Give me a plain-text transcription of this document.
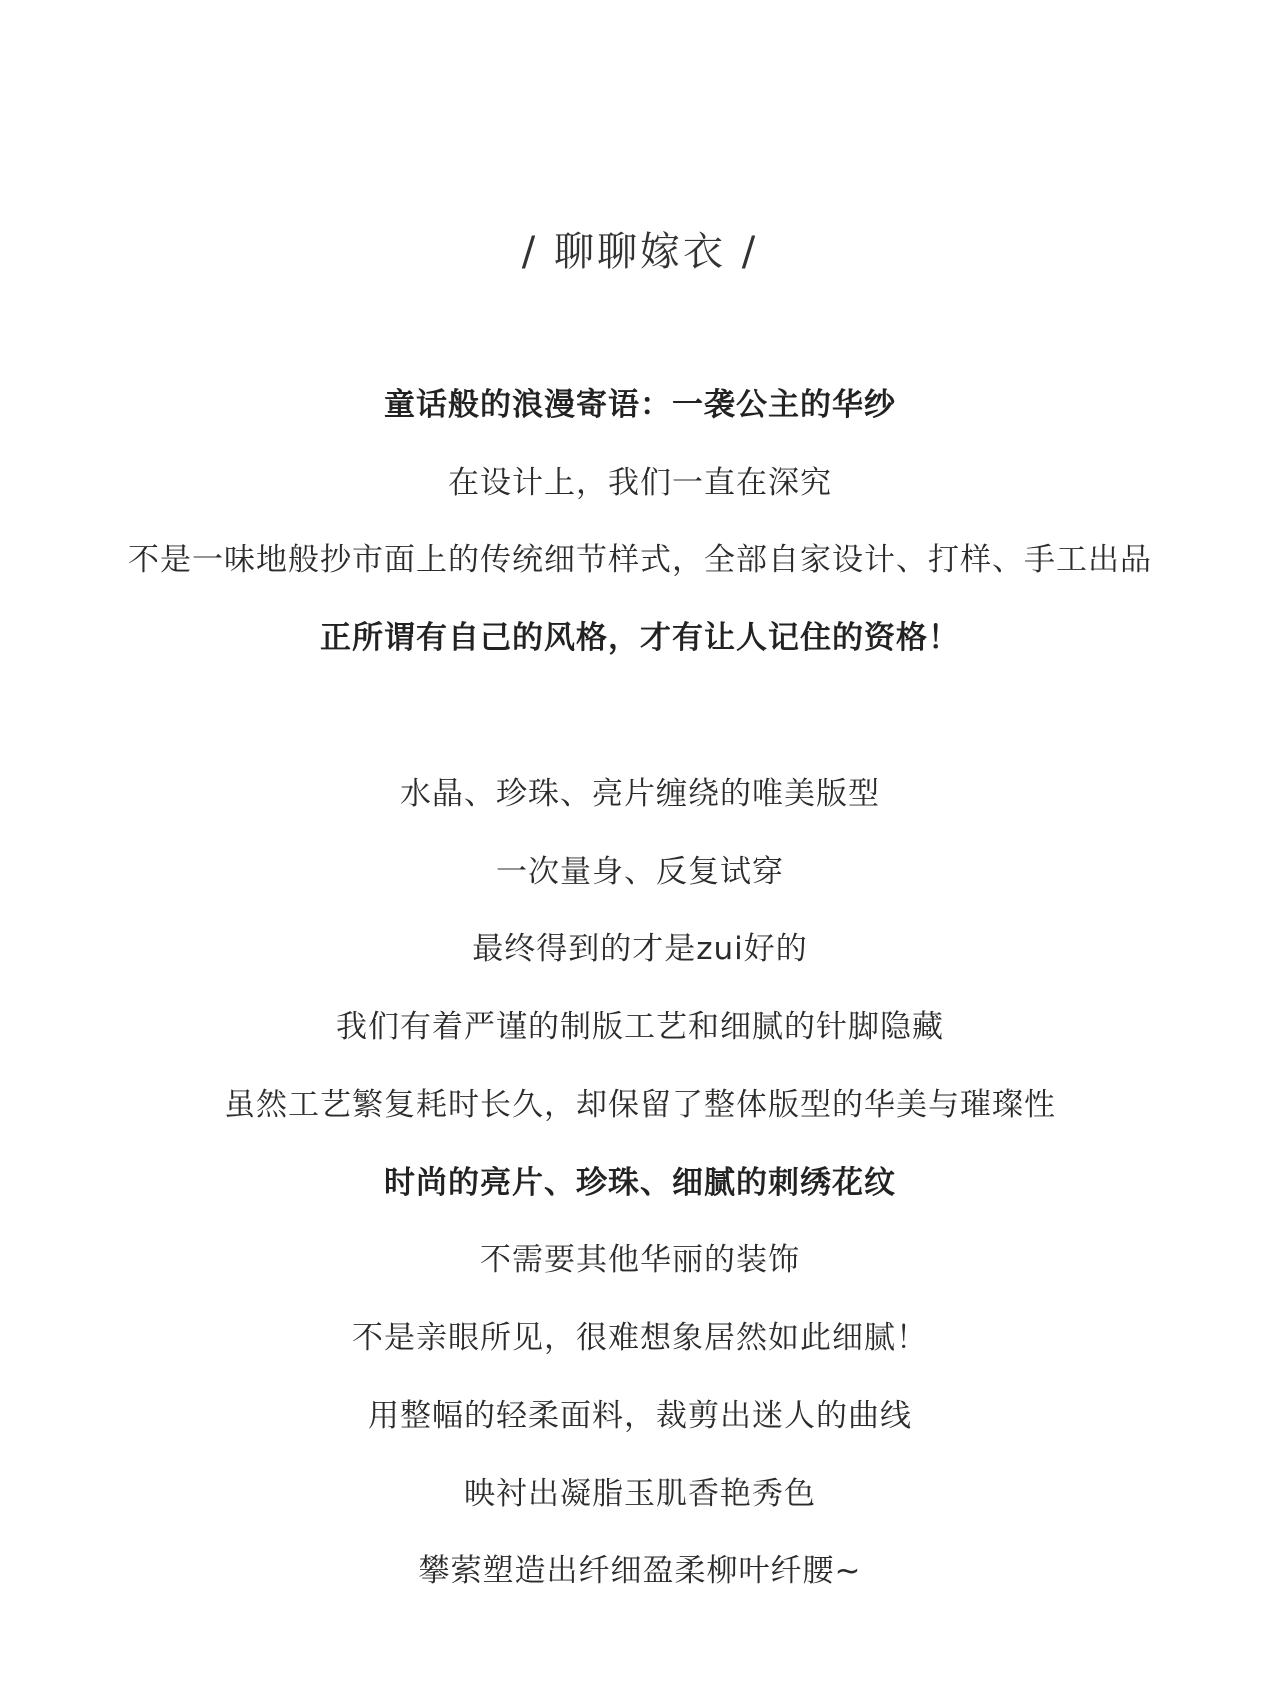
/ 聊聊嫁衣 /
童话般的浪漫寄语：一袭公主的华纱
在设计上，我们一直在深究
不是一味地般抄市面上的传统细节样式，全部自家设计、打样、手工出品
正所谓有自己的风格，才有让人记住的资格！
水晶、珍珠、亮片缠绕的唯美版型
一次量身、反复试穿
最终得到的才是zui好的
我们有着严谨的制版工艺和细腻的针脚隐藏
虽然工艺繁复耗时长久，却保留了整体版型的华美与璀璨性
时尚的亮片、珍珠、细腻的刺绣花纹
不需要其他华丽的装饰
不是亲眼所见，很难想象居然如此细腻！
用整幅的轻柔面料，裁剪出迷人的曲线
映衬出凝脂玉肌香艳秀色
攀萦塑造出纤细盈柔柳叶纤腰~
